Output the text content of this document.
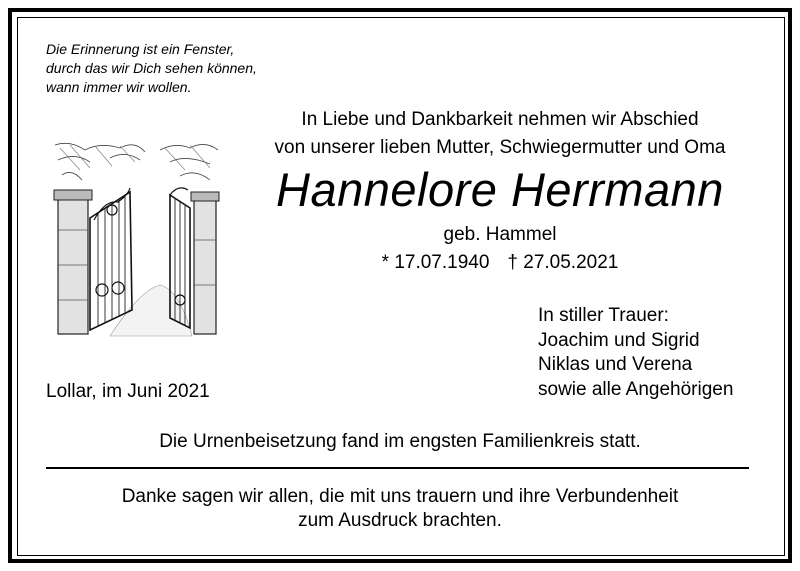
Die Erinnerung ist ein Fenster,
durch das wir Dich sehen können,
wann immer wir wollen.
In Liebe und Dankbarkeit nehmen wir Abschied
von unserer lieben Mutter, Schwiegermutter und Oma
Hannelore Herrmann
geb. Hammel
* 17.07.1940 † 27.05.2021
In stiller Trauer:
Joachim und Sigrid
Niklas und Verena
sowie alle Angehörigen
Lollar, im Juni 2021
Die Urnenbeisetzung fand im engsten Familienkreis statt.
Danke sagen wir allen, die mit uns trauern und ihre Verbundenheit
zum Ausdruck brachten.
